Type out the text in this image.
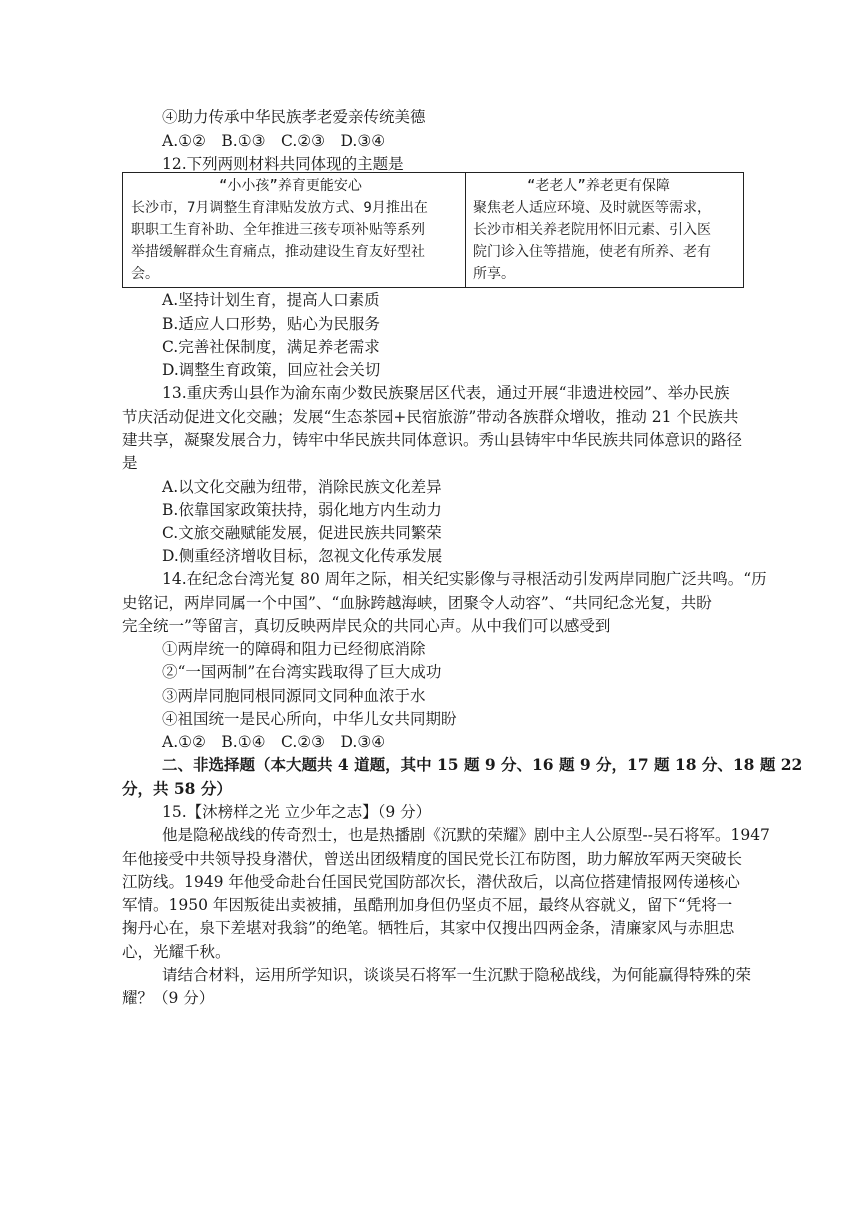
④助力传承中华民族孝老爱亲传统美德
A.①②　B.①③　C.②③　D.③④
12.下列两则材料共同体现的主题是
“小小孩”养育更能安心
长沙市，7月调整生育津贴发放方式、9月推出在
职职工生育补助、全年推进三孩专项补贴等系列
举措缓解群众生育痛点，推动建设生育友好型社
会。
“老老人”养老更有保障
聚焦老人适应环境、及时就医等需求，
长沙市相关养老院用怀旧元素、引入医
院门诊入住等措施，使老有所养、老有
所享。
A.坚持计划生育，提高人口素质
B.适应人口形势，贴心为民服务
C.完善社保制度，满足养老需求
D.调整生育政策，回应社会关切
13.重庆秀山县作为渝东南少数民族聚居区代表，通过开展“非遗进校园”、举办民族
节庆活动促进文化交融；发展“生态茶园+民宿旅游”带动各族群众增收，推动 21 个民族共
建共享，凝聚发展合力，铸牢中华民族共同体意识。秀山县铸牢中华民族共同体意识的路径
是
A.以文化交融为纽带，消除民族文化差异
B.依靠国家政策扶持，弱化地方内生动力
C.文旅交融赋能发展，促进民族共同繁荣
D.侧重经济增收目标，忽视文化传承发展
14.在纪念台湾光复 80 周年之际，相关纪实影像与寻根活动引发两岸同胞广泛共鸣。“历
史铭记，两岸同属一个中国”、“血脉跨越海峡，团聚令人动容”、“共同纪念光复，共盼
完全统一”等留言，真切反映两岸民众的共同心声。从中我们可以感受到
①两岸统一的障碍和阻力已经彻底消除
②“一国两制”在台湾实践取得了巨大成功
③两岸同胞同根同源同文同种血浓于水
④祖国统一是民心所向，中华儿女共同期盼
A.①②　B.①④　C.②③　D.③④
二、非选择题（本大题共 4 道题，其中 15 题 9 分、16 题 9 分，17 题 18 分、18 题 22
分，共 58 分）
15.【沐榜样之光 立少年之志】（9 分）
他是隐秘战线的传奇烈士，也是热播剧《沉默的荣耀》剧中主人公原型--吴石将军。1947
年他接受中共领导投身潜伏，曾送出团级精度的国民党长江布防图，助力解放军两天突破长
江防线。1949 年他受命赴台任国民党国防部次长，潜伏敌后，以高位搭建情报网传递核心
军情。1950 年因叛徒出卖被捕，虽酷刑加身但仍坚贞不屈，最终从容就义，留下“凭将一
掬丹心在，泉下差堪对我翁”的绝笔。牺牲后，其家中仅搜出四两金条，清廉家风与赤胆忠
心，光耀千秋。
请结合材料，运用所学知识，谈谈吴石将军一生沉默于隐秘战线，为何能赢得特殊的荣
耀？（9 分）
